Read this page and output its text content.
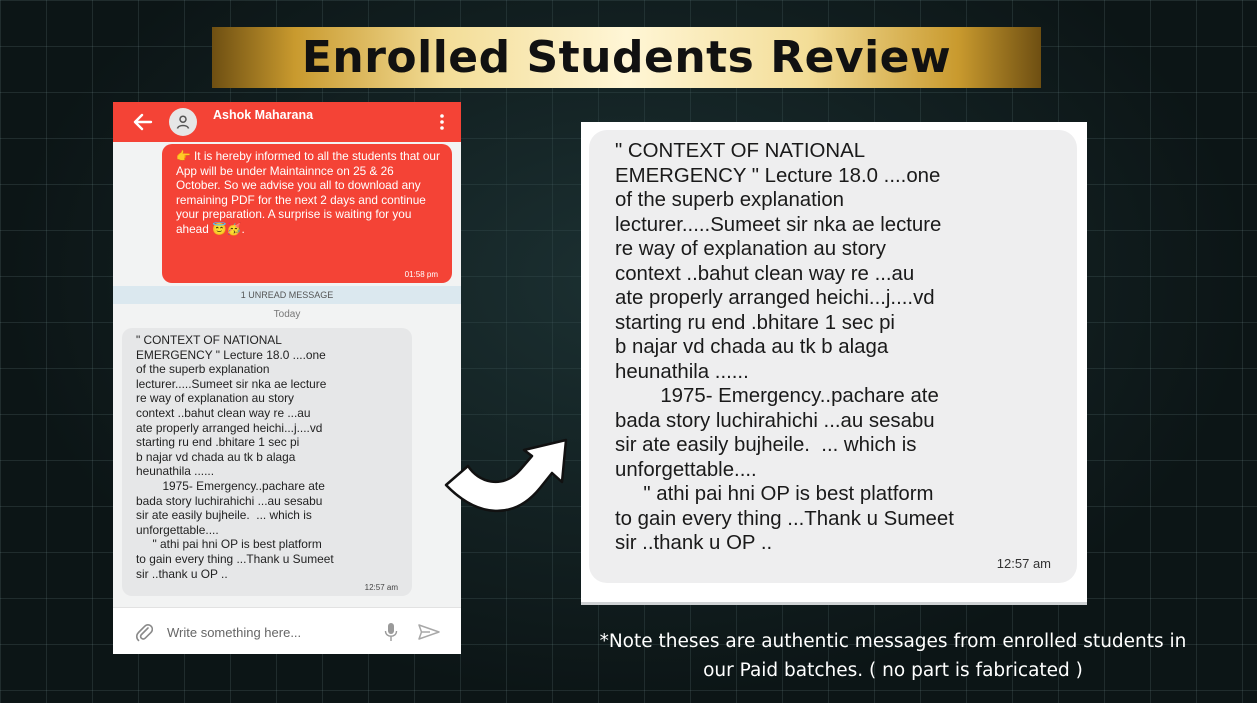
Enrolled Students Review
Ashok Maharana
👉 It is hereby informed to all the students that our App will be under Maintainnce on 25 & 26 October. So we advise you all to download any remaining PDF for the next 2 days and continue your preparation. A surprise is waiting for you ahead 😇🥳.
01:58 pm
1 UNREAD MESSAGE
Today
" CONTEXT OF NATIONAL
EMERGENCY " Lecture 18.0 ....one
of the superb explanation
lecturer.....Sumeet sir nka ae lecture
re way of explanation au story
context ..bahut clean way re ...au
ate properly arranged heichi...j....vd
starting ru end .bhitare 1 sec pi
b najar vd chada au tk b alaga
heunathila ......
1975- Emergency..pachare ate
bada story luchirahichi ...au sesabu
sir ate easily bujheile.  ... which is
unforgettable....
" athi pai hni OP is best platform
to gain every thing ...Thank u Sumeet
sir ..thank u OP ..
12:57 am
Write something here...
" CONTEXT OF NATIONAL
EMERGENCY " Lecture 18.0 ....one
of the superb explanation
lecturer.....Sumeet sir nka ae lecture
re way of explanation au story
context ..bahut clean way re ...au
ate properly arranged heichi...j....vd
starting ru end .bhitare 1 sec pi
b najar vd chada au tk b alaga
heunathila ......
1975- Emergency..pachare ate
bada story luchirahichi ...au sesabu
sir ate easily bujheile.  ... which is
unforgettable....
" athi pai hni OP is best platform
to gain every thing ...Thank u Sumeet
sir ..thank u OP ..
12:57 am
*Note theses are authentic messages from enrolled students in our Paid batches. ( no part is fabricated )
